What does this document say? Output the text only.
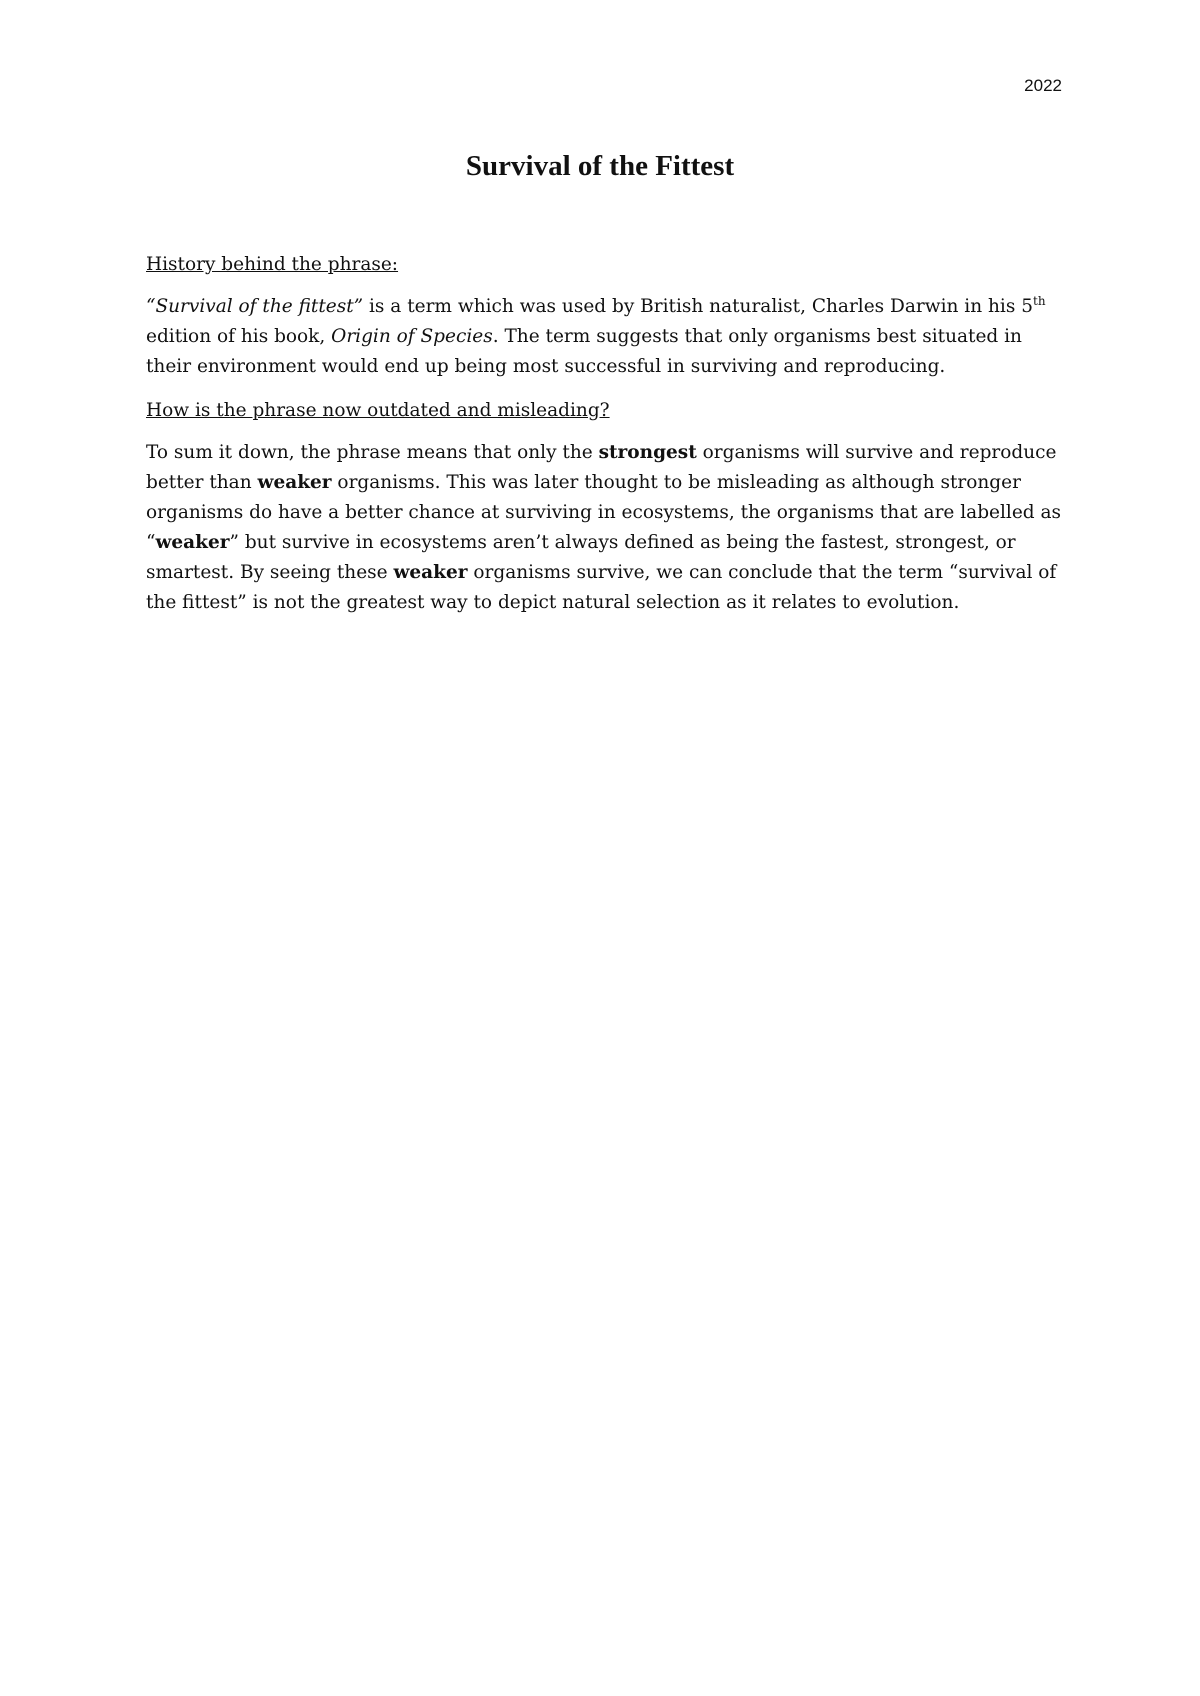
2022
Survival of the Fittest

History behind the phrase:

“Survival of the fittest” is a term which was used by British naturalist, Charles Darwin in his 5th edition of his book, Origin of Species. The term suggests that only organisms best situated in their environment would end up being most successful in surviving and reproducing.

How is the phrase now outdated and misleading?

To sum it down, the phrase means that only the strongest organisms will survive and reproduce better than weaker organisms. This was later thought to be misleading as although stronger organisms do have a better chance at surviving in ecosystems, the organisms that are labelled as “weaker” but survive in ecosystems aren’t always defined as being the fastest, strongest, or smartest. By seeing these weaker organisms survive, we can conclude that the term “survival of the fittest” is not the greatest way to depict natural selection as it relates to evolution.
